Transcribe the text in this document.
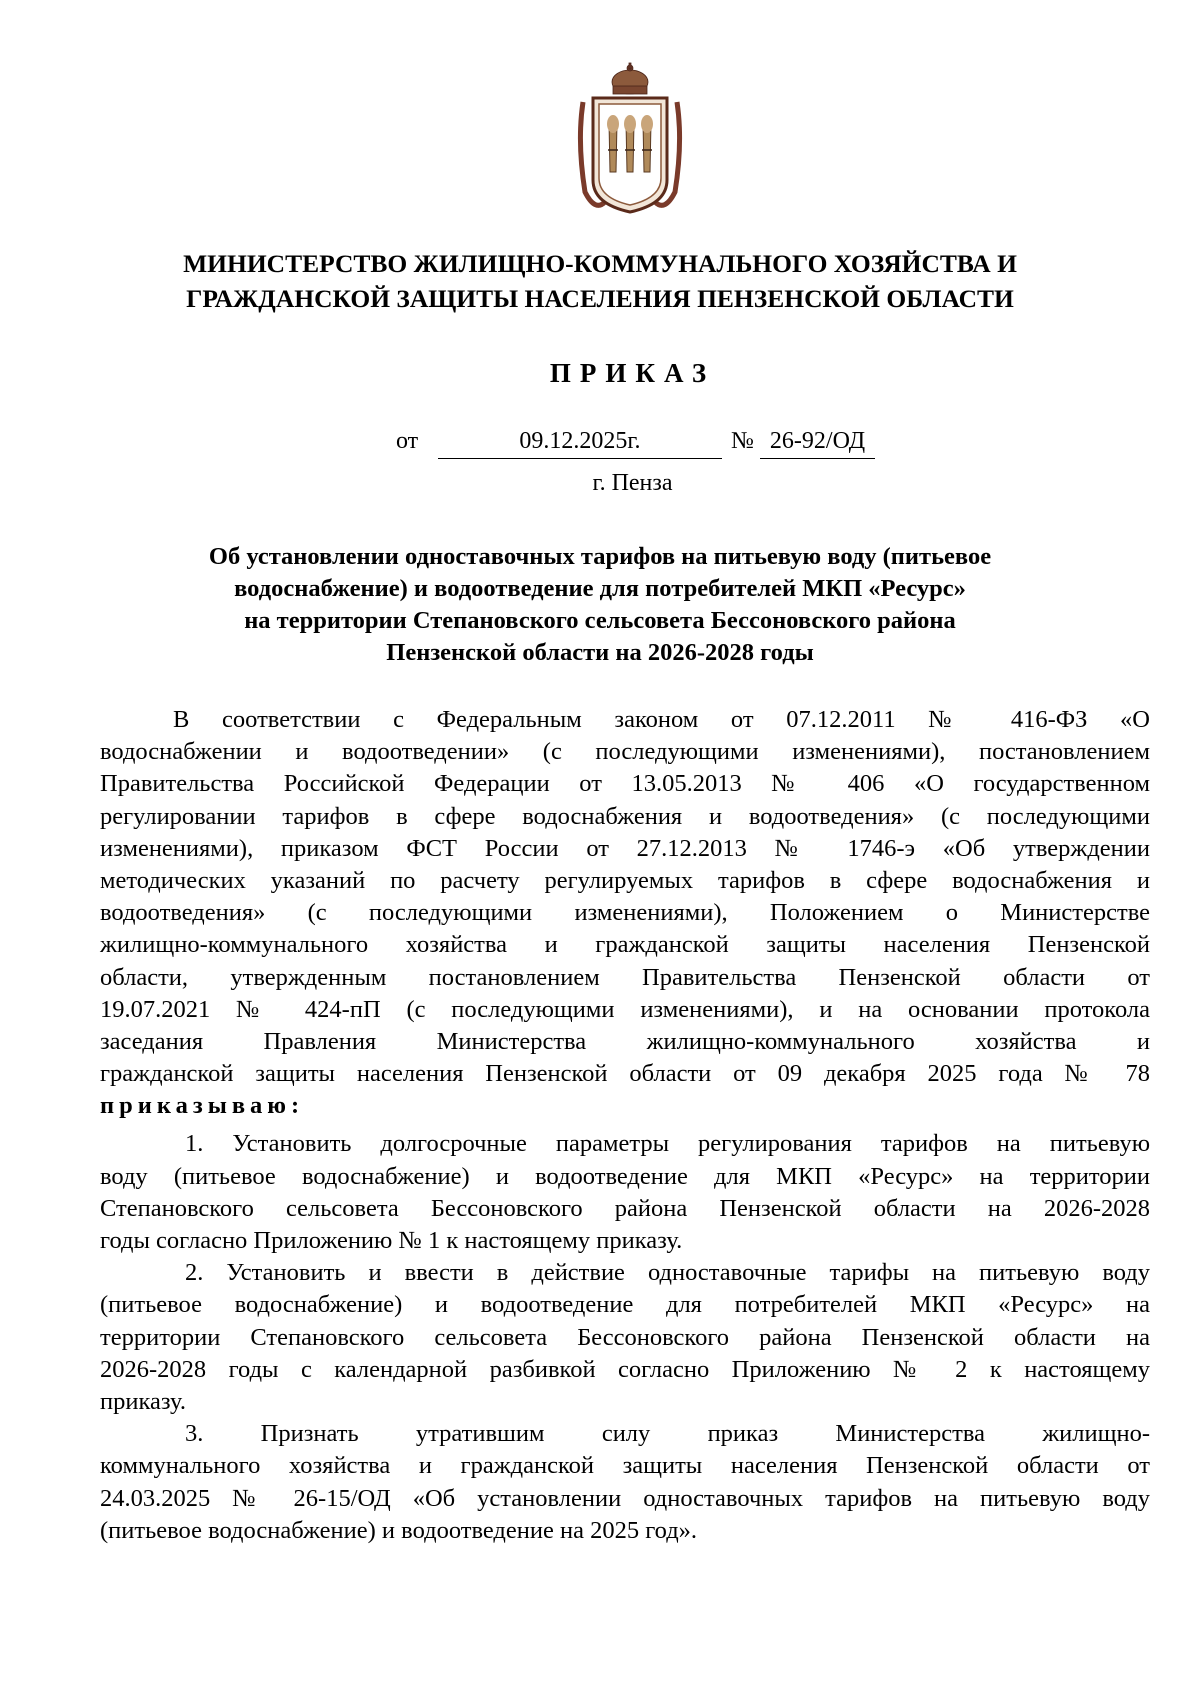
МИНИСТЕРСТВО ЖИЛИЩНО-КОММУНАЛЬНОГО ХОЗЯЙСТВА И
ГРАЖДАНСКОЙ ЗАЩИТЫ НАСЕЛЕНИЯ ПЕНЗЕНСКОЙ ОБЛАСТИ
ПРИКАЗ
от	09.12.2025г.	№ 26-92/ОД
г. Пенза
Об установлении одноставочных тарифов на питьевую воду (питьевое
водоснабжение) и водоотведение для потребителей МКП «Ресурс»
на территории Степановского сельсовета Бессоновского района
Пензенской области на 2026-2028 годы
В соответствии с Федеральным законом от 07.12.2011 № 416-ФЗ «О
водоснабжении и водоотведении» (с последующими изменениями), постановлением
Правительства Российской Федерации от 13.05.2013 № 406 «О государственном
регулировании тарифов в сфере водоснабжения и водоотведения» (с последующими
изменениями), приказом ФСТ России от 27.12.2013 № 1746-э «Об утверждении
методических указаний по расчету регулируемых тарифов в сфере водоснабжения и
водоотведения» (с последующими изменениями), Положением о Министерстве
жилищно-коммунального хозяйства и гражданской защиты населения Пензенской
области, утвержденным постановлением Правительства Пензенской области от
19.07.2021 № 424-пП (с последующими изменениями), и на основании протокола
заседания Правления Министерства жилищно-коммунального хозяйства и
гражданской защиты населения Пензенской области от 09 декабря 2025 года № 78
приказываю:
1. Установить долгосрочные параметры регулирования тарифов на питьевую
воду (питьевое водоснабжение) и водоотведение для МКП «Ресурс» на территории
Степановского сельсовета Бессоновского района Пензенской области на 2026-2028
годы согласно Приложению № 1 к настоящему приказу.
2. Установить и ввести в действие одноставочные тарифы на питьевую воду
(питьевое водоснабжение) и водоотведение для потребителей МКП «Ресурс» на
территории Степановского сельсовета Бессоновского района Пензенской области на
2026-2028 годы с календарной разбивкой согласно Приложению № 2 к настоящему
приказу.
3. Признать утратившим силу приказ Министерства жилищно-
коммунального хозяйства и гражданской защиты населения Пензенской области от
24.03.2025 № 26-15/ОД «Об установлении одноставочных тарифов на питьевую воду
(питьевое водоснабжение) и водоотведение на 2025 год».
